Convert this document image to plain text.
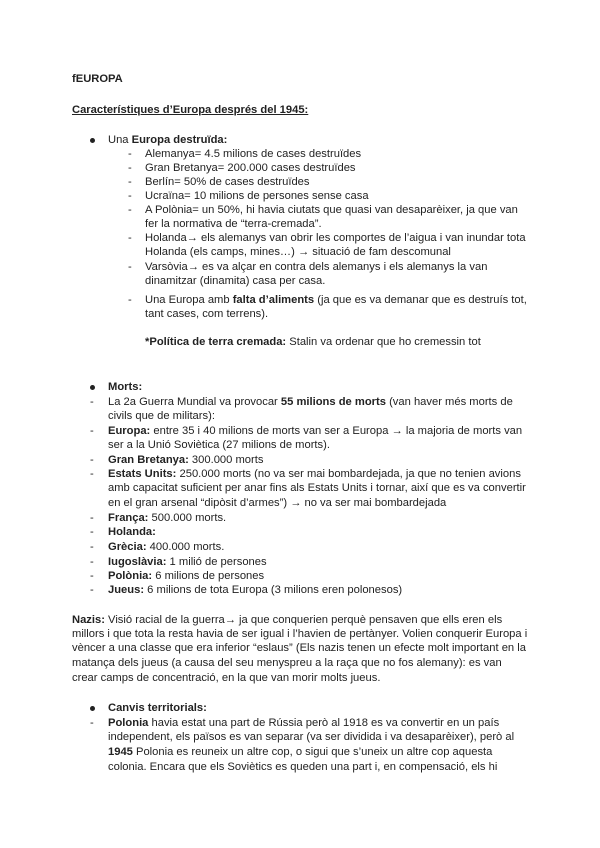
fEUROPA
Característiques d’Europa després del 1945:
Una Europa destruïda:
- Alemanya= 4.5 milions de cases destruïdes
- Gran Bretanya= 200.000 cases destruïdes
- Berlín= 50% de cases destruïdes
- Ucraïna= 10 milions de persones sense casa
- A Polònia= un 50%, hi havia ciutats que quasi van desaparèixer, ja que van
fer la normativa de “terra-cremada”.
- Holanda→ els alemanys van obrir les comportes de l’aigua i van inundar tota
Holanda (els camps, mines…) → situació de fam descomunal
- Varsòvia→ es va alçar en contra dels alemanys i els alemanys la van
dinamitzar (dinamita) casa per casa.
- Una Europa amb falta d’aliments (ja que es va demanar que es destruís tot,
tant cases, com terrens).
*Política de terra cremada: Stalin va ordenar que ho cremessin tot
Morts:
- La 2a Guerra Mundial va provocar 55 milions de morts (van haver més morts de
civils que de militars):
- Europa: entre 35 i 40 milions de morts van ser a Europa → la majoria de morts van
ser a la Unió Soviètica (27 milions de morts).
- Gran Bretanya: 300.000 morts
- Estats Units: 250.000 morts (no va ser mai bombardejada, ja que no tenien avions
amb capacitat suficient per anar fins als Estats Units i tornar, així que es va convertir
en el gran arsenal “dipòsit d’armes”) → no va ser mai bombardejada
- França: 500.000 morts.
- Holanda:
- Grècia: 400.000 morts.
- Iugoslàvia: 1 milió de persones
- Polònia: 6 milions de persones
- Jueus: 6 milions de tota Europa (3 milions eren polonesos)
Nazis: Visió racial de la guerra→ ja que conquerien perquè pensaven que ells eren els
millors i que tota la resta havia de ser igual i l’havien de pertànyer. Volien conquerir Europa i
vèncer a una classe que era inferior “eslaus” (Els nazis tenen un efecte molt important en la
matança dels jueus (a causa del seu menyspreu a la raça que no fos alemany): es van
crear camps de concentració, en la que van morir molts jueus.
Canvis territorials:
- Polonia havia estat una part de Rússia però al 1918 es va convertir en un país
independent, els països es van separar (va ser dividida i va desaparèixer), però al
1945 Polonia es reuneix un altre cop, o sigui que s’uneix un altre cop aquesta
colonia. Encara que els Soviètics es queden una part i, en compensació, els hi
